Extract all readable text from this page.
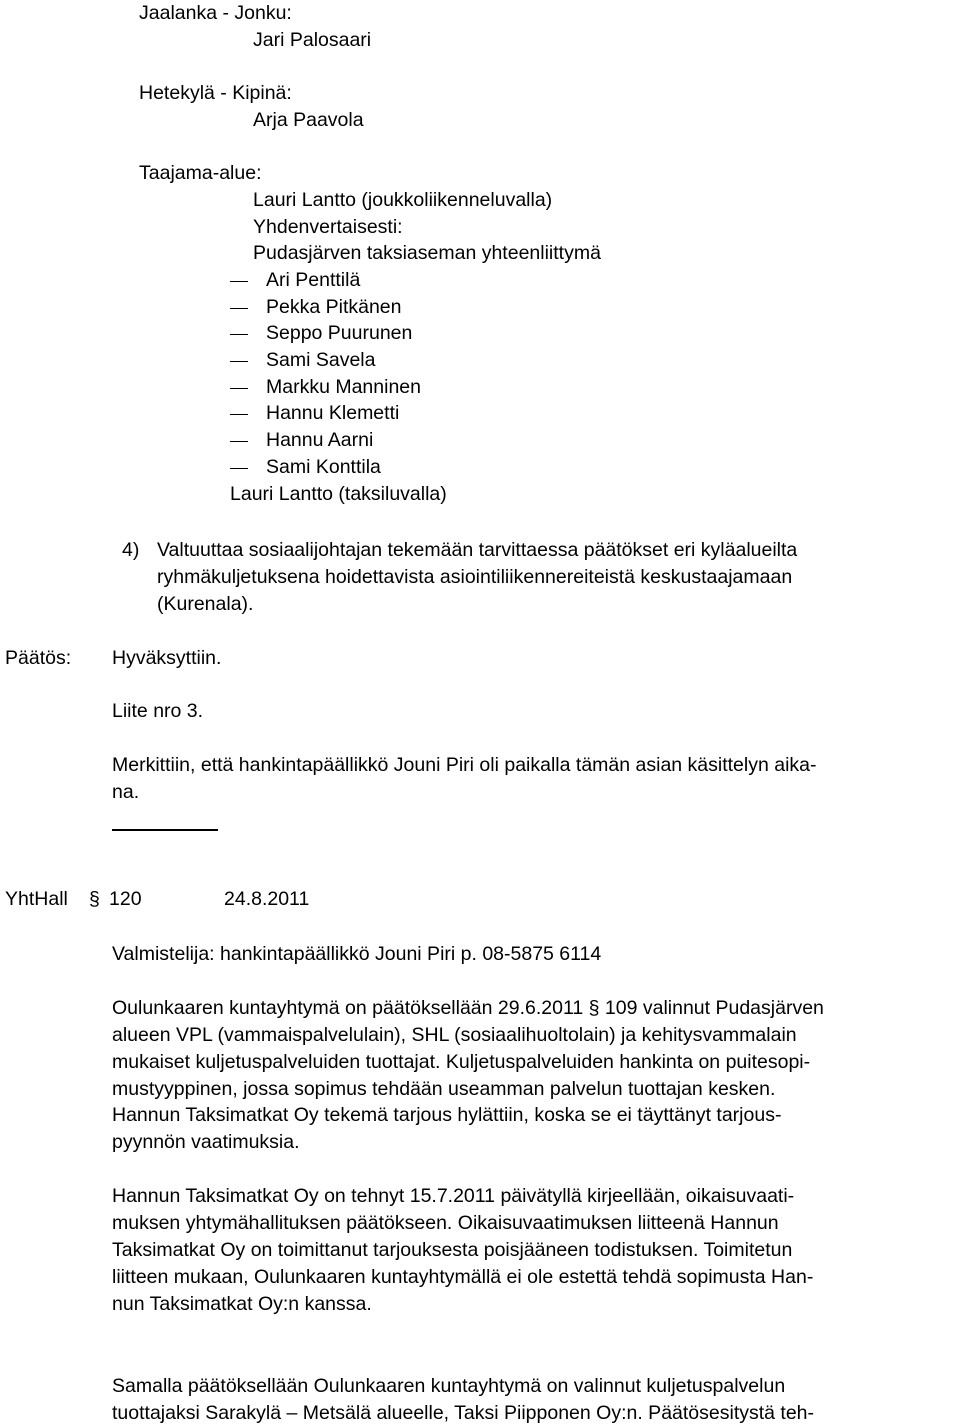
Jaalanka - Jonku:
Jari Palosaari
Hetekylä - Kipinä:
Arja Paavola
Taajama-alue:
Lauri Lantto (joukkoliikenneluvalla)
Yhdenvertaisesti:
Pudasjärven taksiaseman yhteenliittymä
Ari Penttilä
Pekka Pitkänen
Seppo Puurunen
Sami Savela
Markku Manninen
Hannu Klemetti
Hannu Aarni
Sami Konttila
Lauri Lantto (taksiluvalla)
4) Valtuuttaa sosiaalijohtajan tekemään tarvittaessa päätökset eri kyläalueilta
ryhmäkuljetuksena hoidettavista asiointiliikennereiteistä keskustaajamaan
(Kurenala).
Päätös: Hyväksyttiin.
Liite nro 3.
Merkittiin, että hankintapäällikkö Jouni Piri oli paikalla tämän asian käsittelyn aika-
na.
YhtHall § 120	24.8.2011
Valmistelija: hankintapäällikkö Jouni Piri p. 08-5875 6114
Oulunkaaren kuntayhtymä on päätöksellään 29.6.2011 § 109 valinnut Pudasjärven
alueen VPL (vammaispalvelulain), SHL (sosiaalihuoltolain) ja kehitysvammalain
mukaiset kuljetuspalveluiden tuottajat. Kuljetuspalveluiden hankinta on puitesopi-
mustyyppinen, jossa sopimus tehdään useamman palvelun tuottajan kesken.
Hannun Taksimatkat Oy tekemä tarjous hylättiin, koska se ei täyttänyt tarjous-
pyynnön vaatimuksia.
Hannun Taksimatkat Oy on tehnyt 15.7.2011 päivätyllä kirjeellään, oikaisuvaati-
muksen yhtymähallituksen päätökseen. Oikaisuvaatimuksen liitteenä Hannun
Taksimatkat Oy on toimittanut tarjouksesta poisjääneen todistuksen. Toimitetun
liitteen mukaan, Oulunkaaren kuntayhtymällä ei ole estettä tehdä sopimusta Han-
nun Taksimatkat Oy:n kanssa.
Samalla päätöksellään Oulunkaaren kuntayhtymä on valinnut kuljetuspalvelun
tuottajaksi Sarakylä – Metsälä alueelle, Taksi Piipponen Oy:n. Päätösesitystä teh-
